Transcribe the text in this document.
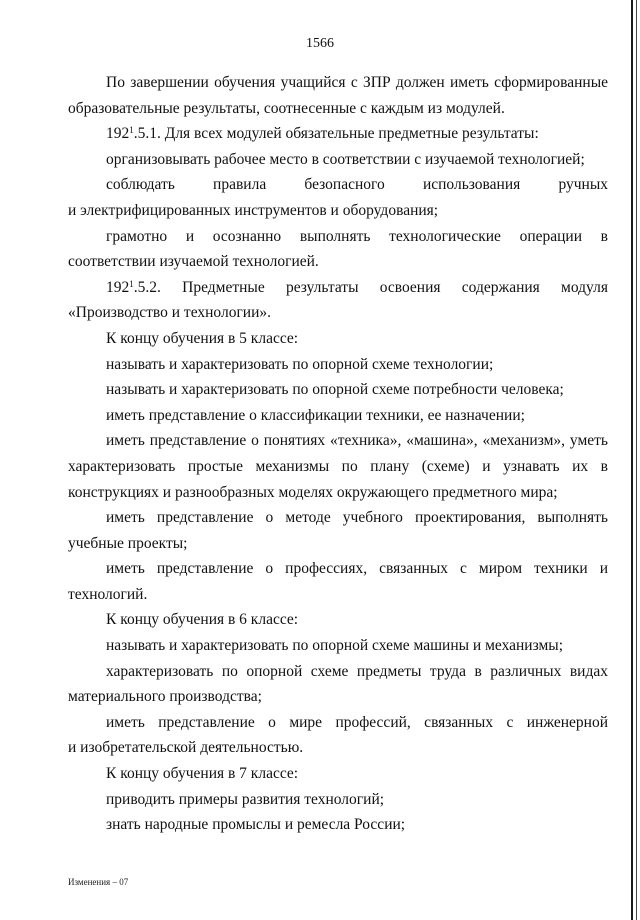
1566

По завершении обучения учащийся с ЗПР должен иметь сформированные образовательные результаты, соотнесенные с каждым из модулей.

$192^1.5.1$. Для всех модулей обязательные предметные результаты:

организовывать рабочее место в соответствии с изучаемой технологией;

соблюдать правила безопасного использования ручных

и электрифицированных инструментов и оборудования;

грамотно и осознанно выполнять технологические операции в соответствии изучаемой технологией.

$192^1.5.2$. Предметные результаты освоения содержания модуля «Производство и технологии».

К концу обучения в 5 классе:

называть и характеризовать по опорной схеме технологии;

называть и характеризовать по опорной схеме потребности человека;

иметь представление о классификации техники, ее назначении;

иметь представление о понятиях «техника», «машина», «механизм», уметь характеризовать простые механизмы по плану (схеме) и узнавать их в конструкциях и разнообразных моделях окружающего предметного мира;

иметь представление о методе учебного проектирования, выполнять учебные проекты;

иметь представление о профессиях, связанных с миром техники и технологий.

К концу обучения в 6 классе:

называть и характеризовать по опорной схеме машины и механизмы;

характеризовать по опорной схеме предметы труда в различных видах материального производства;

иметь представление о мире профессий, связанных с инженерной

и изобретательской деятельностью.

К концу обучения в 7 классе:

приводить примеры развития технологий;

знать народные промыслы и ремесла России;

Изменения – 07
